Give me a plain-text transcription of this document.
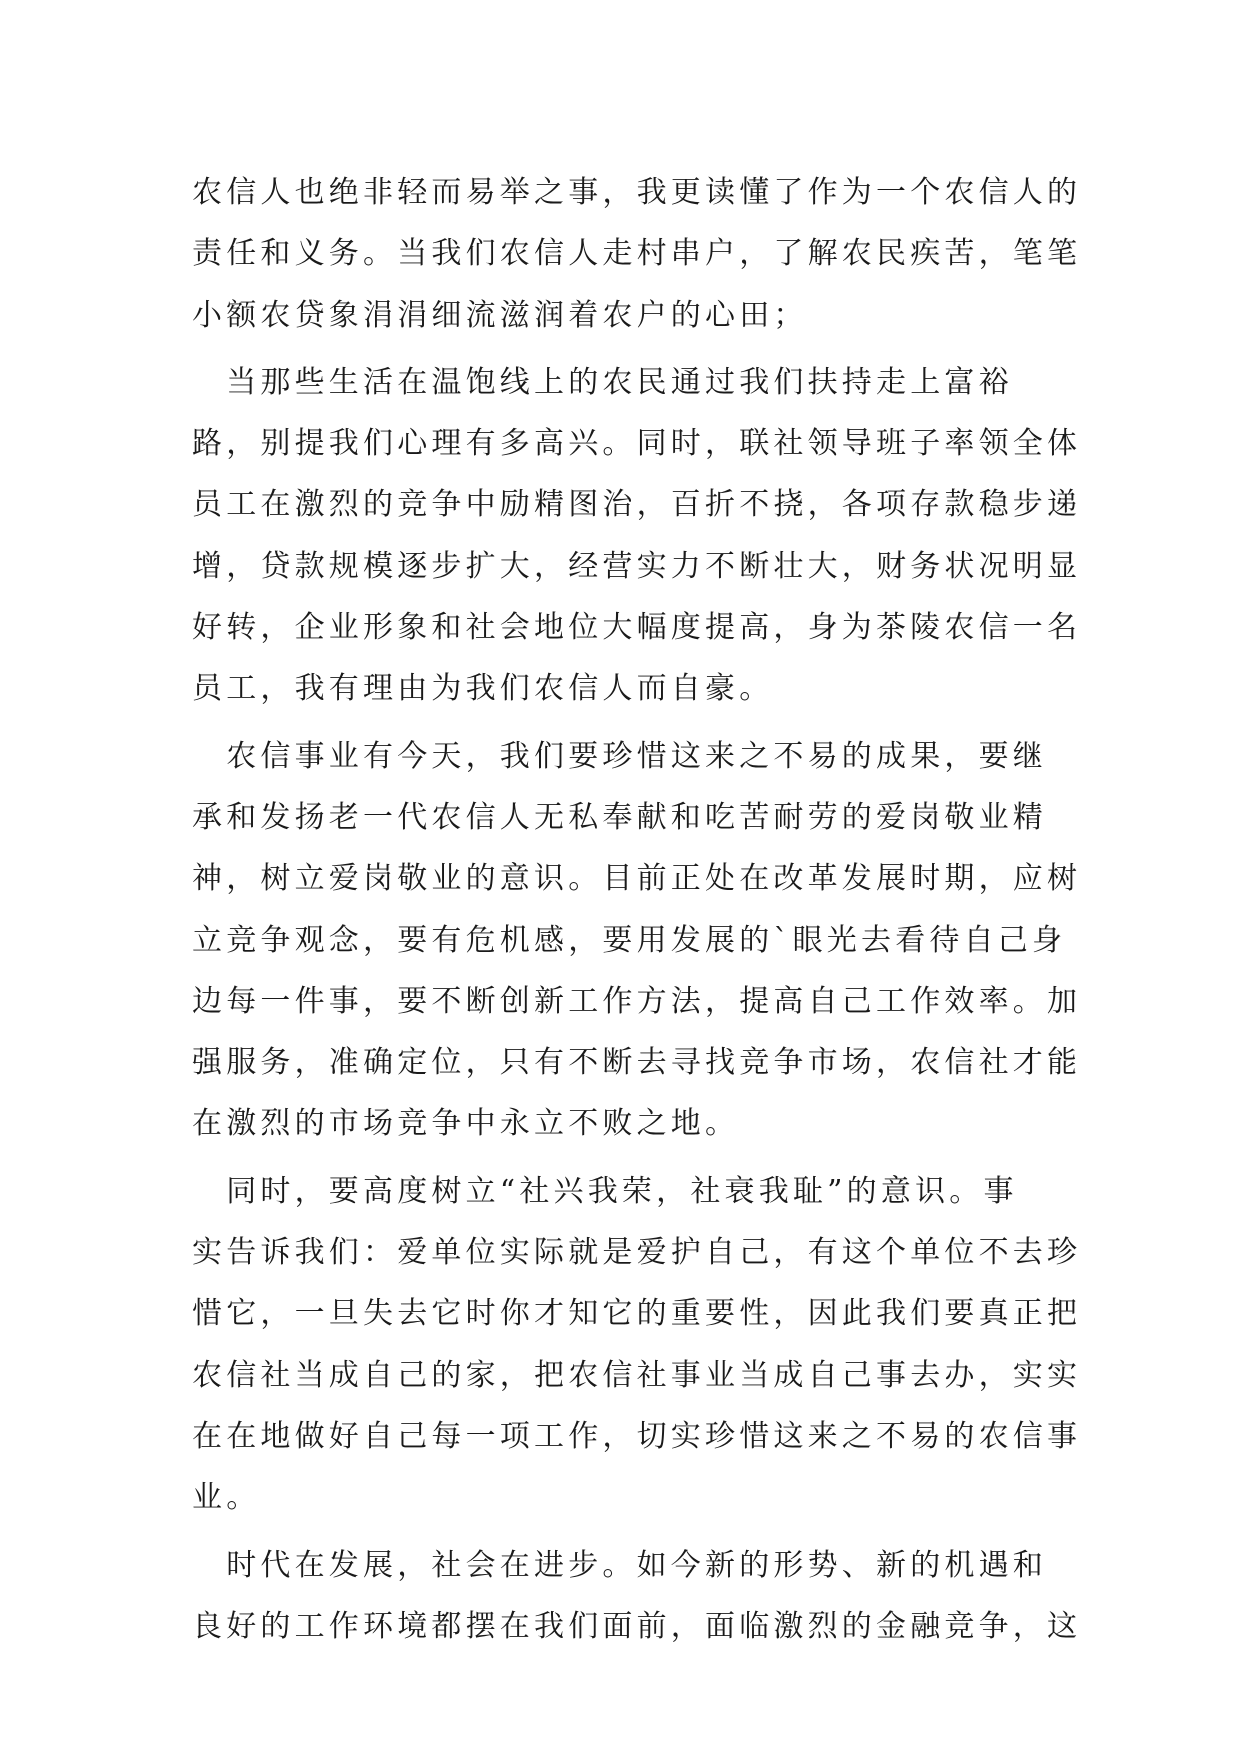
农信人也绝非轻而易举之事，我更读懂了作为一个农信人的
责任和义务。当我们农信人走村串户，了解农民疾苦，笔笔
小额农贷象涓涓细流滋润着农户的心田；
　当那些生活在温饱线上的农民通过我们扶持走上富裕
路，别提我们心理有多高兴。同时，联社领导班子率领全体
员工在激烈的竞争中励精图治，百折不挠，各项存款稳步递
增，贷款规模逐步扩大，经营实力不断壮大，财务状况明显
好转，企业形象和社会地位大幅度提高，身为茶陵农信一名
员工，我有理由为我们农信人而自豪。
　农信事业有今天，我们要珍惜这来之不易的成果，要继
承和发扬老一代农信人无私奉献和吃苦耐劳的爱岗敬业精
神，树立爱岗敬业的意识。目前正处在改革发展时期，应树
立竞争观念，要有危机感，要用发展的`眼光去看待自己身
边每一件事，要不断创新工作方法，提高自己工作效率。加
强服务，准确定位，只有不断去寻找竞争市场，农信社才能
在激烈的市场竞争中永立不败之地。
　同时，要高度树立“社兴我荣，社衰我耻”的意识。事
实告诉我们：爱单位实际就是爱护自己，有这个单位不去珍
惜它，一旦失去它时你才知它的重要性，因此我们要真正把
农信社当成自己的家，把农信社事业当成自己事去办，实实
在在地做好自己每一项工作，切实珍惜这来之不易的农信事
业。
　时代在发展，社会在进步。如今新的形势、新的机遇和
良好的工作环境都摆在我们面前，面临激烈的金融竞争，这
